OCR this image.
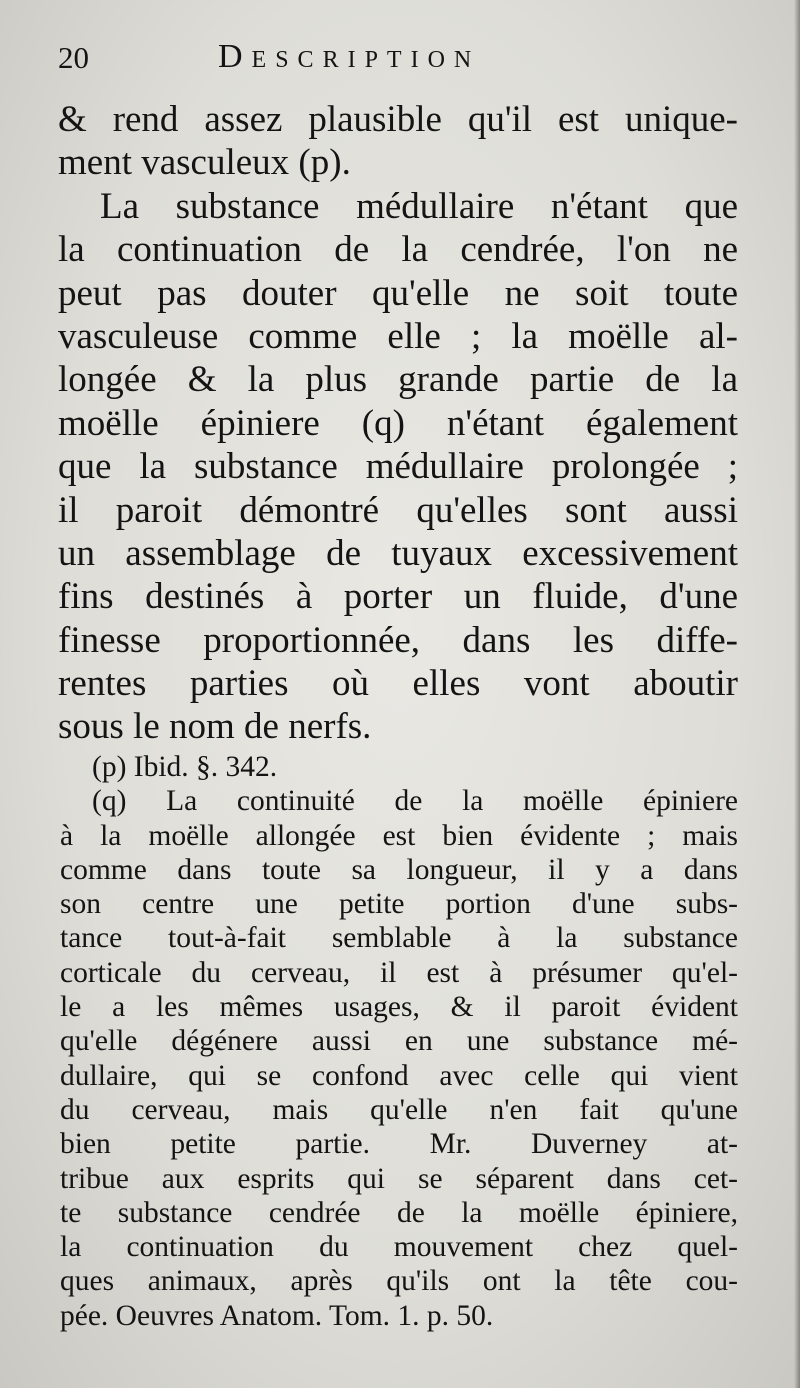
20	Description
& rend assez plausible qu'il est unique-
ment vasculeux (p).
La substance médullaire n'étant que
la continuation de la cendrée, l'on ne
peut pas douter qu'elle ne soit toute
vasculeuse comme elle ; la moëlle al-
longée & la plus grande partie de la
moëlle épiniere (q) n'étant également
que la substance médullaire prolongée ;
il paroit démontré qu'elles sont aussi
un assemblage de tuyaux excessivement
fins destinés à porter un fluide, d'une
finesse proportionnée, dans les diffe-
rentes parties où elles vont aboutir
sous le nom de nerfs.
(p) Ibid. §. 342.
(q) La continuité de la moëlle épiniere
à la moëlle allongée est bien évidente ; mais
comme dans toute sa longueur, il y a dans
son centre une petite portion d'une subs-
tance tout-à-fait semblable à la substance
corticale du cerveau, il est à présumer qu'el-
le a les mêmes usages, & il paroit évident
qu'elle dégénere aussi en une substance mé-
dullaire, qui se confond avec celle qui vient
du cerveau, mais qu'elle n'en fait qu'une
bien petite partie. Mr. Duverney at-
tribue aux esprits qui se séparent dans cet-
te substance cendrée de la moëlle épiniere,
la continuation du mouvement chez quel-
ques animaux, après qu'ils ont la tête cou-
pée. Oeuvres Anatom. Tom. 1. p. 50.
